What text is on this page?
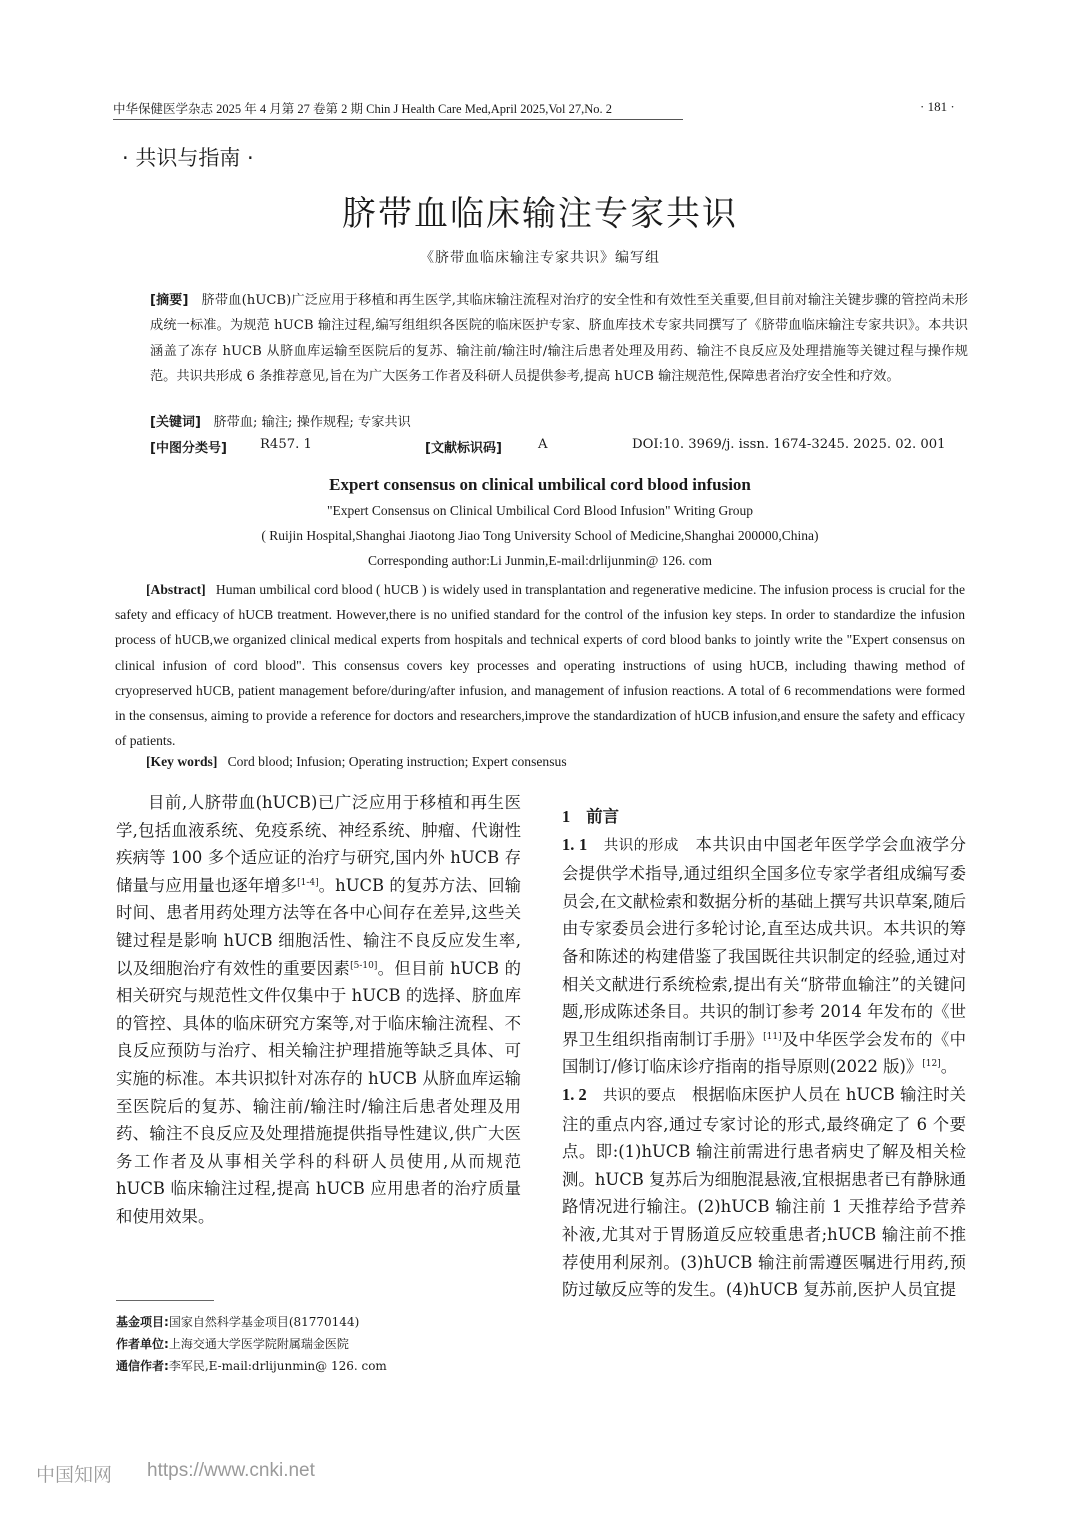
中华保健医学杂志 2025 年 4 月第 27 卷第 2 期 Chin J Health Care Med,April 2025,Vol 27,No. 2	· 181 ·
· 共识与指南 ·
脐带血临床输注专家共识
《脐带血临床输注专家共识》编写组
[摘要] 脐带血(hUCB)广泛应用于移植和再生医学,其临床输注流程对治疗的安全性和有效性至关重要,但目前对输注关键步骤的管控尚未形成统一标准。为规范 hUCB 输注过程,编写组组织各医院的临床医护专家、脐血库技术专家共同撰写了《脐带血临床输注专家共识》。本共识涵盖了冻存 hUCB 从脐血库运输至医院后的复苏、输注前/输注时/输注后患者处理及用药、输注不良反应及处理措施等关键过程与操作规范。共识共形成 6 条推荐意见,旨在为广大医务工作者及科研人员提供参考,提高 hUCB 输注规范性,保障患者治疗安全性和疗效。
[关键词] 脐带血; 输注; 操作规程; 专家共识
[中图分类号]	R457. 1	[文献标识码]	A	DOI:10. 3969/j. issn. 1674-3245. 2025. 02. 001
Expert consensus on clinical umbilical cord blood infusion
"Expert Consensus on Clinical Umbilical Cord Blood Infusion" Writing Group
( Ruijin Hospital,Shanghai Jiaotong Jiao Tong University School of Medicine,Shanghai 200000,China)
Corresponding author:Li Junmin,E-mail:drlijunmin@ 126. com
[Abstract] Human umbilical cord blood ( hUCB ) is widely used in transplantation and regenerative medicine. The infusion process is crucial for the safety and efficacy of hUCB treatment. However,there is no unified standard for the control of the infusion key steps. In order to standardize the infusion process of hUCB,we organized clinical medical experts from hospitals and technical experts of cord blood banks to jointly write the "Expert consensus on clinical infusion of cord blood". This consensus covers key processes and operating instructions of using hUCB, including thawing method of cryopreserved hUCB, patient management before/during/after infusion, and management of infusion reactions. A total of 6 recommendations were formed in the consensus, aiming to provide a reference for doctors and researchers,improve the standardization of hUCB infusion,and ensure the safety and efficacy of patients.
[Key words] Cord blood; Infusion; Operating instruction; Expert consensus
目前,人脐带血(hUCB)已广泛应用于移植和再生医学,包括血液系统、免疫系统、神经系统、肿瘤、代谢性疾病等 100 多个适应证的治疗与研究,国内外 hUCB 存储量与应用量也逐年增多[1-4]。hUCB 的复苏方法、回输时间、患者用药处理方法等在各中心间存在差异,这些关键过程是影响 hUCB 细胞活性、输注不良反应发生率,以及细胞治疗有效性的重要因素[5-10]。但目前 hUCB 的相关研究与规范性文件仅集中于 hUCB 的选择、脐血库的管控、具体的临床研究方案等,对于临床输注流程、不良反应预防与治疗、相关输注护理措施等缺乏具体、可实施的标准。本共识拟针对冻存的 hUCB 从脐血库运输至医院后的复苏、输注前/输注时/输注后患者处理及用药、输注不良反应及处理措施提供指导性建议,供广大医务工作者及从事相关学科的科研人员使用,从而规范 hUCB 临床输注过程,提高 hUCB 应用患者的治疗质量和使用效果。
基金项目:国家自然科学基金项目(81770144)
作者单位:上海交通大学医学院附属瑞金医院
通信作者:李军民,E-mail:drlijunmin@ 126. com
1 前言
1. 1 共识的形成 本共识由中国老年医学学会血液学分会提供学术指导,通过组织全国多位专家学者组成编写委员会,在文献检索和数据分析的基础上撰写共识草案,随后由专家委员会进行多轮讨论,直至达成共识。本共识的筹备和陈述的构建借鉴了我国既往共识制定的经验,通过对相关文献进行系统检索,提出有关“脐带血输注”的关键问题,形成陈述条目。共识的制订参考 2014 年发布的《世界卫生组织指南制订手册》[11]及中华医学会发布的《中国制订/修订临床诊疗指南的指导原则(2022 版)》[12]。
1. 2 共识的要点 根据临床医护人员在 hUCB 输注时关注的重点内容,通过专家讨论的形式,最终确定了 6 个要点。即:(1)hUCB 输注前需进行患者病史了解及相关检测。hUCB 复苏后为细胞混悬液,宜根据患者已有静脉通路情况进行输注。(2)hUCB 输注前 1 天推荐给予营养补液,尤其对于胃肠道反应较重患者;hUCB 输注前不推荐使用利尿剂。(3)hUCB 输注前需遵医嘱进行用药,预防过敏反应等的发生。(4)hUCB 复苏前,医护人员宜提
中国知网 https://www.cnki.net
